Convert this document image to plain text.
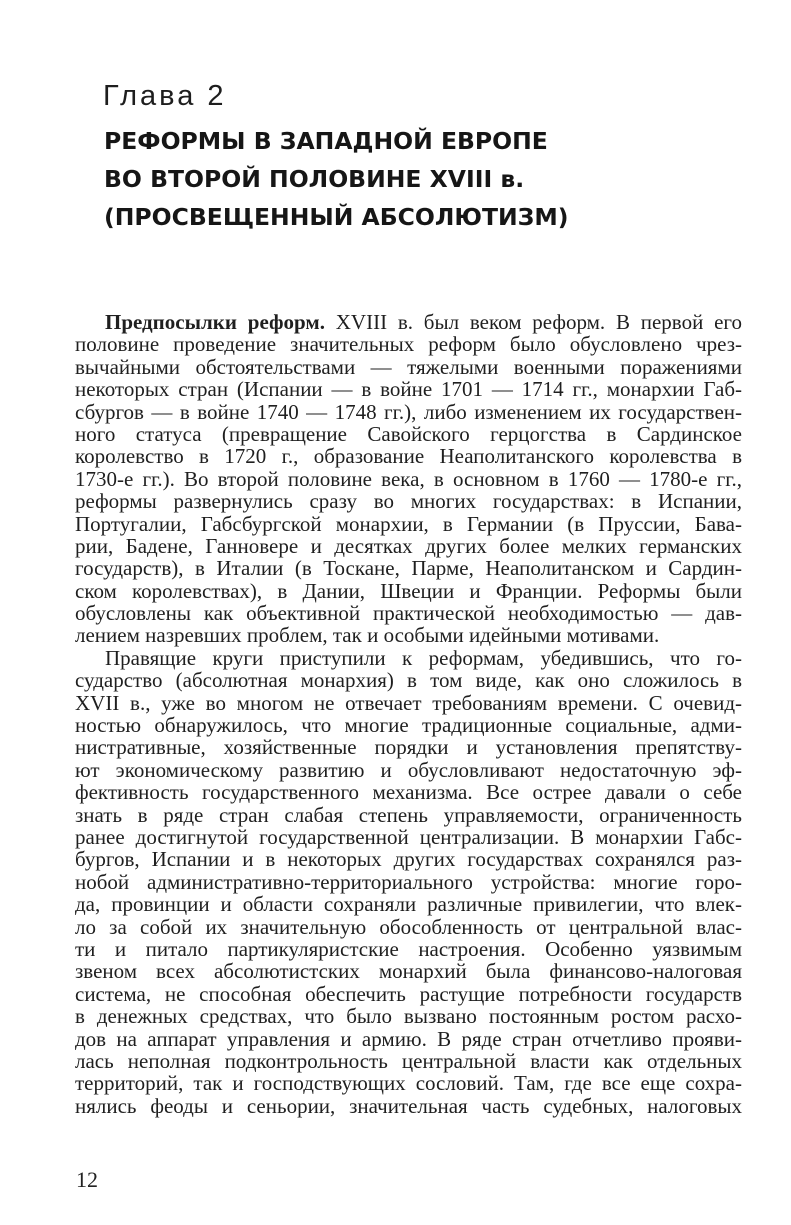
Глава 2
РЕФОРМЫ В ЗАПАДНОЙ ЕВРОПЕ
ВО ВТОРОЙ ПОЛОВИНЕ XVIII в.
(ПРОСВЕЩЕННЫЙ АБСОЛЮТИЗМ)
Предпосылки реформ. XVIII в. был веком реформ. В первой его
половине проведение значительных реформ было обусловлено чрез-
вычайными обстоятельствами — тяжелыми военными поражениями
некоторых стран (Испании — в войне 1701 — 1714 гг., монархии Габ-
сбургов — в войне 1740 — 1748 гг.), либо изменением их государствен-
ного статуса (превращение Савойского герцогства в Сардинское
королевство в 1720 г., образование Неаполитанского королевства в
1730-е гг.). Во второй половине века, в основном в 1760 — 1780-е гг.,
реформы развернулись сразу во многих государствах: в Испании,
Португалии, Габсбургской монархии, в Германии (в Пруссии, Бава-
рии, Бадене, Ганновере и десятках других более мелких германских
государств), в Италии (в Тоскане, Парме, Неаполитанском и Сардин-
ском королевствах), в Дании, Швеции и Франции. Реформы были
обусловлены как объективной практической необходимостью — дав-
лением назревших проблем, так и особыми идейными мотивами.
Правящие круги приступили к реформам, убедившись, что го-
сударство (абсолютная монархия) в том виде, как оно сложилось в
XVII в., уже во многом не отвечает требованиям времени. С очевид-
ностью обнаружилось, что многие традиционные социальные, адми-
нистративные, хозяйственные порядки и установления препятству-
ют экономическому развитию и обусловливают недостаточную эф-
фективность государственного механизма. Все острее давали о себе
знать в ряде стран слабая степень управляемости, ограниченность
ранее достигнутой государственной централизации. В монархии Габс-
бургов, Испании и в некоторых других государствах сохранялся раз-
нобой административно-территориального устройства: многие горо-
да, провинции и области сохраняли различные привилегии, что влек-
ло за собой их значительную обособленность от центральной влас-
ти и питало партикуляристские настроения. Особенно уязвимым
звеном всех абсолютистских монархий была финансово-налоговая
система, не способная обеспечить растущие потребности государств
в денежных средствах, что было вызвано постоянным ростом расхо-
дов на аппарат управления и армию. В ряде стран отчетливо прояви-
лась неполная подконтрольность центральной власти как отдельных
территорий, так и господствующих сословий. Там, где все еще сохра-
нялись феоды и сеньории, значительная часть судебных, налоговых
12
